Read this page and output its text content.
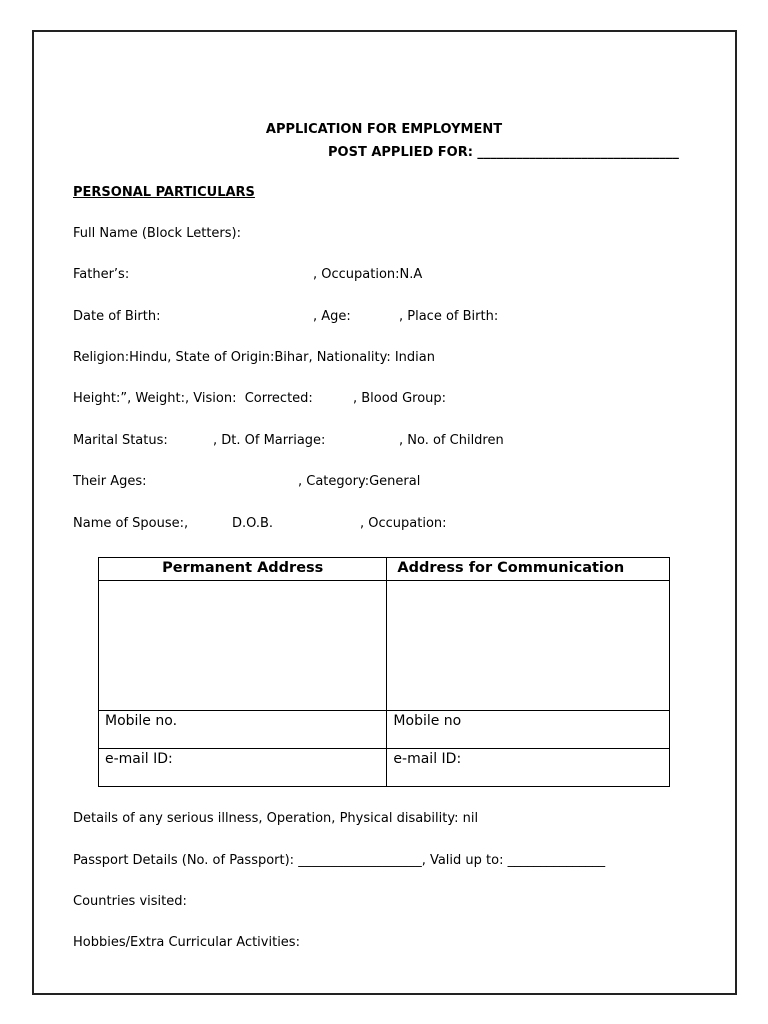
APPLICATION FOR EMPLOYMENT
POST APPLIED FOR: _______________________________
PERSONAL PARTICULARS
Full Name (Block Letters):
Father’s:	, Occupation:N.A
Date of Birth:	, Age:	, Place of Birth:
Religion:Hindu, State of Origin:Bihar, Nationality: Indian
Height:”, Weight:, Vision:  Corrected:	, Blood Group:
Marital Status:	, Dt. Of Marriage:	, No. of Children
Their Ages:	, Category:General
Name of Spouse:,	D.O.B.	, Occupation:
Permanent Address	Address for Communication

Mobile no.	Mobile no
e-mail ID:	e-mail ID:
Details of any serious illness, Operation, Physical disability: nil
Passport Details (No. of Passport): ___________________, Valid up to: _______________
Countries visited:
Hobbies/Extra Curricular Activities:
